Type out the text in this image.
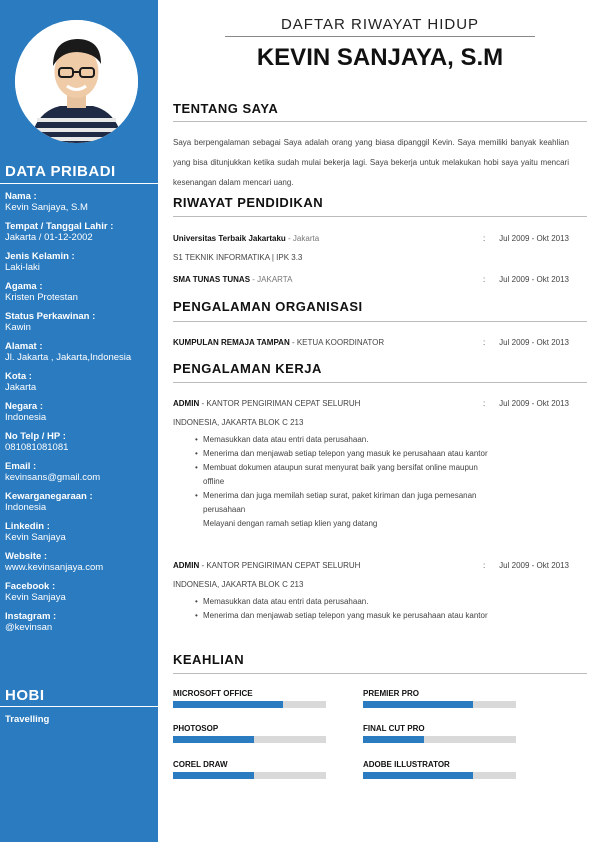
DATA PRIBADI
Nama :
Kevin Sanjaya, S.M
Tempat / Tanggal Lahir :
Jakarta / 01-12-2002
Jenis Kelamin :
Laki-laki
Agama :
Kristen Protestan
Status Perkawinan :
Kawin
Alamat :
Jl. Jakarta , Jakarta,Indonesia
Kota :
Jakarta
Negara :
Indonesia
No Telp / HP :
081081081081
Email :
kevinsans@gmail.com
Kewarganegaraan :
Indonesia
Linkedin :
Kevin Sanjaya
Website :
www.kevinsanjaya.com
Facebook :
Kevin Sanjaya
Instagram :
@kevinsan
HOBI
Travelling
DAFTAR RIWAYAT HIDUP
KEVIN SANJAYA, S.M
TENTANG SAYA
Saya berpengalaman sebagai Saya adalah orang yang biasa dipanggil Kevin. Saya memiliki banyak keahlian yang bisa ditunjukkan ketika sudah mulai bekerja lagi. Saya bekerja untuk melakukan hobi saya yaitu mencari kesenangan dalam mencari uang.
RIWAYAT PENDIDIKAN
Universitas Terbaik Jakartaku - Jakarta	:	Jul 2009 - Okt 2013
S1 TEKNIK INFORMATIKA | IPK 3.3
SMA TUNAS TUNAS - JAKARTA	:	Jul 2009 - Okt 2013
PENGALAMAN ORGANISASI
KUMPULAN REMAJA TAMPAN - KETUA KOORDINATOR	:	Jul 2009 - Okt 2013
PENGALAMAN KERJA
ADMIN - KANTOR PENGIRIMAN CEPAT SELURUH	:	Jul 2009 - Okt 2013
INDONESIA, JAKARTA BLOK C 213
• Memasukkan data atau entri data perusahaan.
• Menerima dan menjawab setiap telepon yang masuk ke perusahaan atau kantor
• Membuat dokumen ataupun surat menyurat baik yang bersifat online maupun offline
• Menerima dan juga memilah setiap surat, paket kiriman dan juga pemesanan perusahaan
Melayani dengan ramah setiap klien yang datang
ADMIN - KANTOR PENGIRIMAN CEPAT SELURUH	:	Jul 2009 - Okt 2013
INDONESIA, JAKARTA BLOK C 213
• Memasukkan data atau entri data perusahaan.
• Menerima dan menjawab setiap telepon yang masuk ke perusahaan atau kantor
KEAHLIAN
MICROSOFT OFFICE	PREMIER PRO
PHOTOSOP	FINAL CUT PRO
COREL DRAW	ADOBE ILLUSTRATOR
